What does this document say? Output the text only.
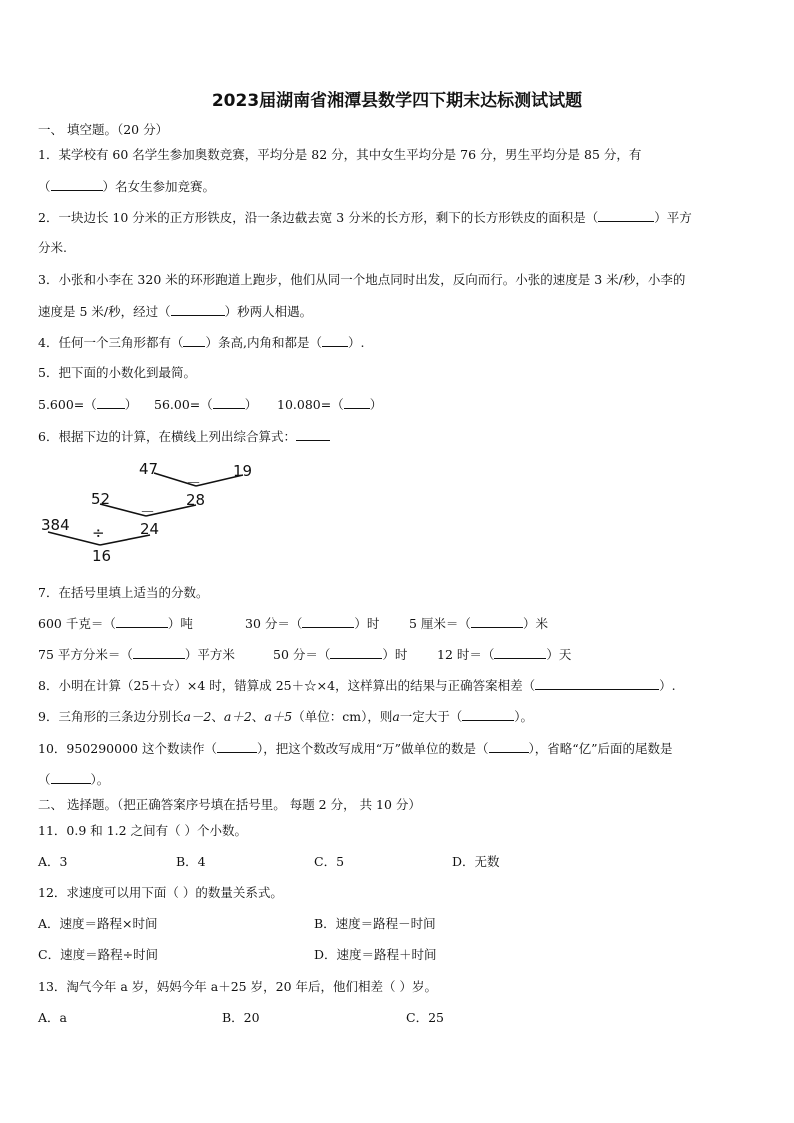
2023届湖南省湘潭县数学四下期末达标测试试题
一、 填空题。（20 分）
1．某学校有 60 名学生参加奥数竞赛，平均分是 82 分，其中女生平均分是 76 分，男生平均分是 85 分，有
（	）名女生参加竞赛。
2．一块边长 10 分米的正方形铁皮，沿一条边截去宽 3 分米的长方形，剩下的长方形铁皮的面积是（	）平方
分米.
3．小张和小李在 320 米的环形跑道上跑步，他们从同一个地点同时出发，反向而行。小张的速度是 3 米/秒，小李的
速度是 5 米/秒，经过（	）秒两人相遇。
4．任何一个三角形都有（ ）条高,内角和都是（ ）.
5．把下面的小数化到最简。
5.600=（ ） 56.00=（	） 10.080=（ ）
6．根据下边的计算，在横线上列出综合算式：
47	19
－
28
52
－
24
384 ÷
16
7．在括号里填上适当的分数。
600 千克＝（	）吨	30 分＝（	）时 5 厘米＝（	）米
75 平方分米＝（	）平方米	50 分＝（	）时 12 时＝（	）天
8．小明在计算（25＋☆）×4 时，错算成 25＋☆×4，这样算出的结果与正确答案相差（	）.
9．三角形的三条边分别长a－2、a＋2、a＋5（单位：cm），则a一定大于（	）。
10．950290000 这个数读作（	），把这个数改写成用“万”做单位的数是（	），省略“亿”后面的尾数是
（	）。
二、 选择题。（把正确答案序号填在括号里。 每题 2 分， 共 10 分）
11．0.9 和 1.2 之间有（ ）个小数。
A．3	B．4	C．5	D．无数
12．求速度可以用下面（ ）的数量关系式。
A．速度＝路程×时间	B．速度＝路程－时间
C．速度＝路程÷时间	D．速度＝路程＋时间
13．淘气今年 a 岁，妈妈今年 a＋25 岁，20 年后，他们相差（ ）岁。
A．a	B．20	C．25
